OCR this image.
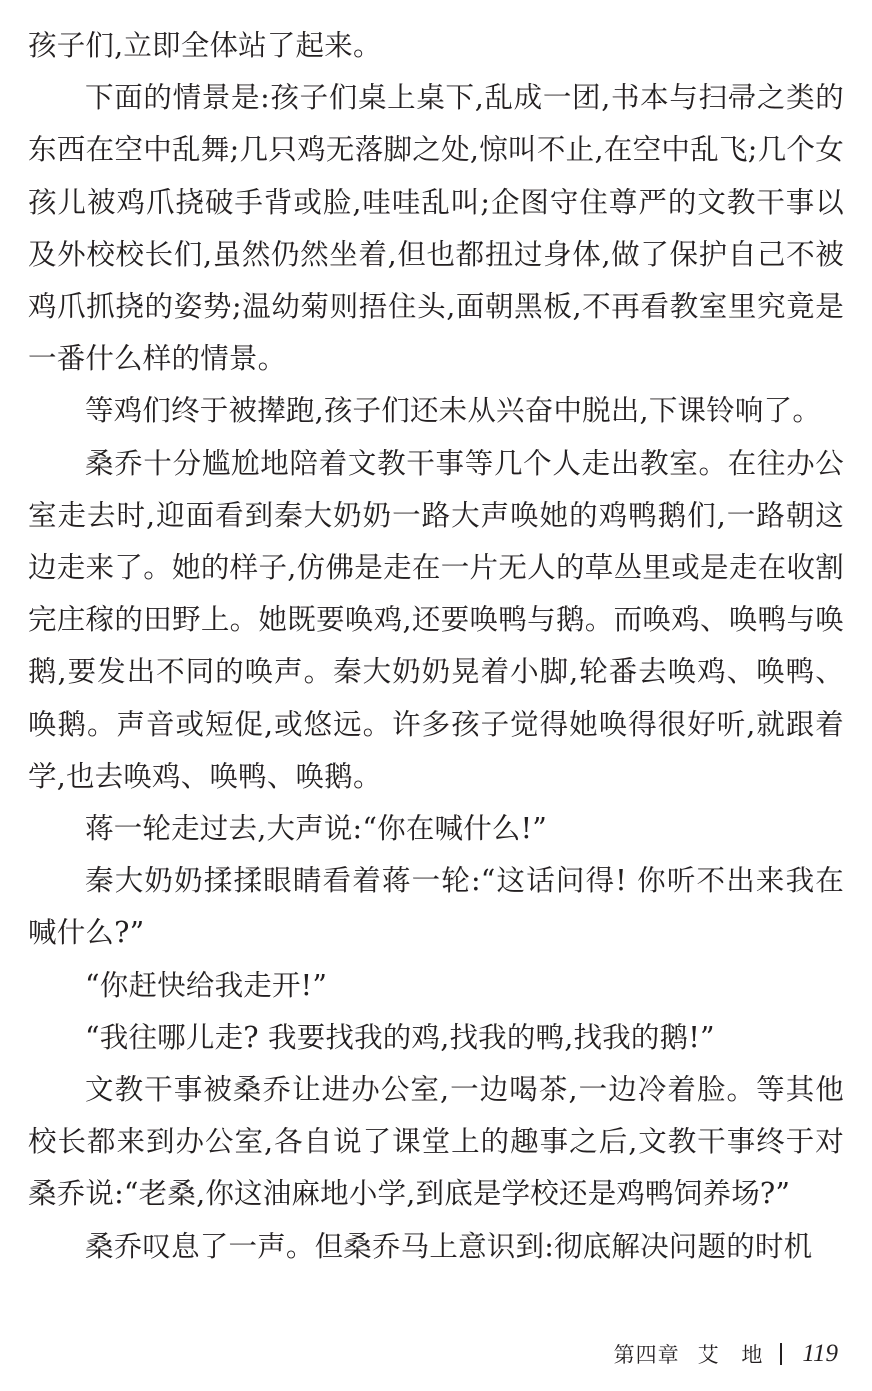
孩子们,立即全体站了起来。

下面的情景是:孩子们桌上桌下,乱成一团,书本与扫帚之类的东西在空中乱舞;几只鸡无落脚之处,惊叫不止,在空中乱飞;几个女孩儿被鸡爪挠破手背或脸,哇哇乱叫;企图守住尊严的文教干事以及外校校长们,虽然仍然坐着,但也都扭过身体,做了保护自己不被鸡爪抓挠的姿势;温幼菊则捂住头,面朝黑板,不再看教室里究竟是一番什么样的情景。

等鸡们终于被撵跑,孩子们还未从兴奋中脱出,下课铃响了。

桑乔十分尴尬地陪着文教干事等几个人走出教室。在往办公室走去时,迎面看到秦大奶奶一路大声唤她的鸡鸭鹅们,一路朝这边走来了。她的样子,仿佛是走在一片无人的草丛里或是走在收割完庄稼的田野上。她既要唤鸡,还要唤鸭与鹅。而唤鸡、唤鸭与唤鹅,要发出不同的唤声。秦大奶奶晃着小脚,轮番去唤鸡、唤鸭、唤鹅。声音或短促,或悠远。许多孩子觉得她唤得很好听,就跟着学,也去唤鸡、唤鸭、唤鹅。

蒋一轮走过去,大声说:“你在喊什么!”

秦大奶奶揉揉眼睛看着蒋一轮:“这话问得! 你听不出来我在喊什么?”

“你赶快给我走开!”

“我往哪儿走? 我要找我的鸡,找我的鸭,找我的鹅!”

文教干事被桑乔让进办公室,一边喝茶,一边冷着脸。等其他校长都来到办公室,各自说了课堂上的趣事之后,文教干事终于对桑乔说:“老桑,你这油麻地小学,到底是学校还是鸡鸭饲养场?”

桑乔叹息了一声。但桑乔马上意识到:彻底解决问题的时机

第四章 艾 地 119
